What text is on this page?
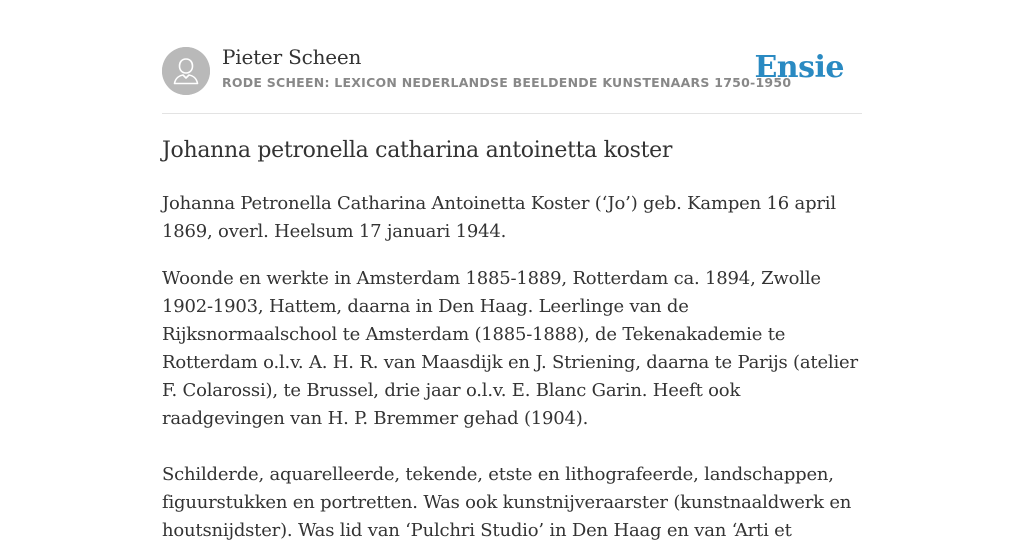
Pieter Scheen
RODE SCHEEN: LEXICON NEDERLANDSE BEELDENDE KUNSTENAARS 1750-1950
Ensie
Johanna petronella catharina antoinetta koster

Johanna Petronella Catharina Antoinetta Koster (‘Jo’) geb. Kampen 16 april 1869, overl. Heelsum 17 januari 1944.

Woonde en werkte in Amsterdam 1885-1889, Rotterdam ca. 1894, Zwolle 1902-1903, Hattem, daarna in Den Haag. Leerlinge van de Rijksnormaalschool te Amsterdam (1885-1888), de Tekenakademie te Rotterdam o.l.v. A. H. R. van Maasdijk en J. Striening, daarna te Parijs (atelier F. Colarossi), te Brussel, drie jaar o.l.v. E. Blanc Garin. Heeft ook raadgevingen van H. P. Bremmer gehad (1904).

Schilderde, aquarelleerde, tekende, etste en lithografeerde, landschappen, figuurstukken en portretten. Was ook kunstnijveraarster (kunstnaaldwerk en houtsnijdster). Was lid van ‘Pulchri Studio’ in Den Haag en van ‘Arti et
